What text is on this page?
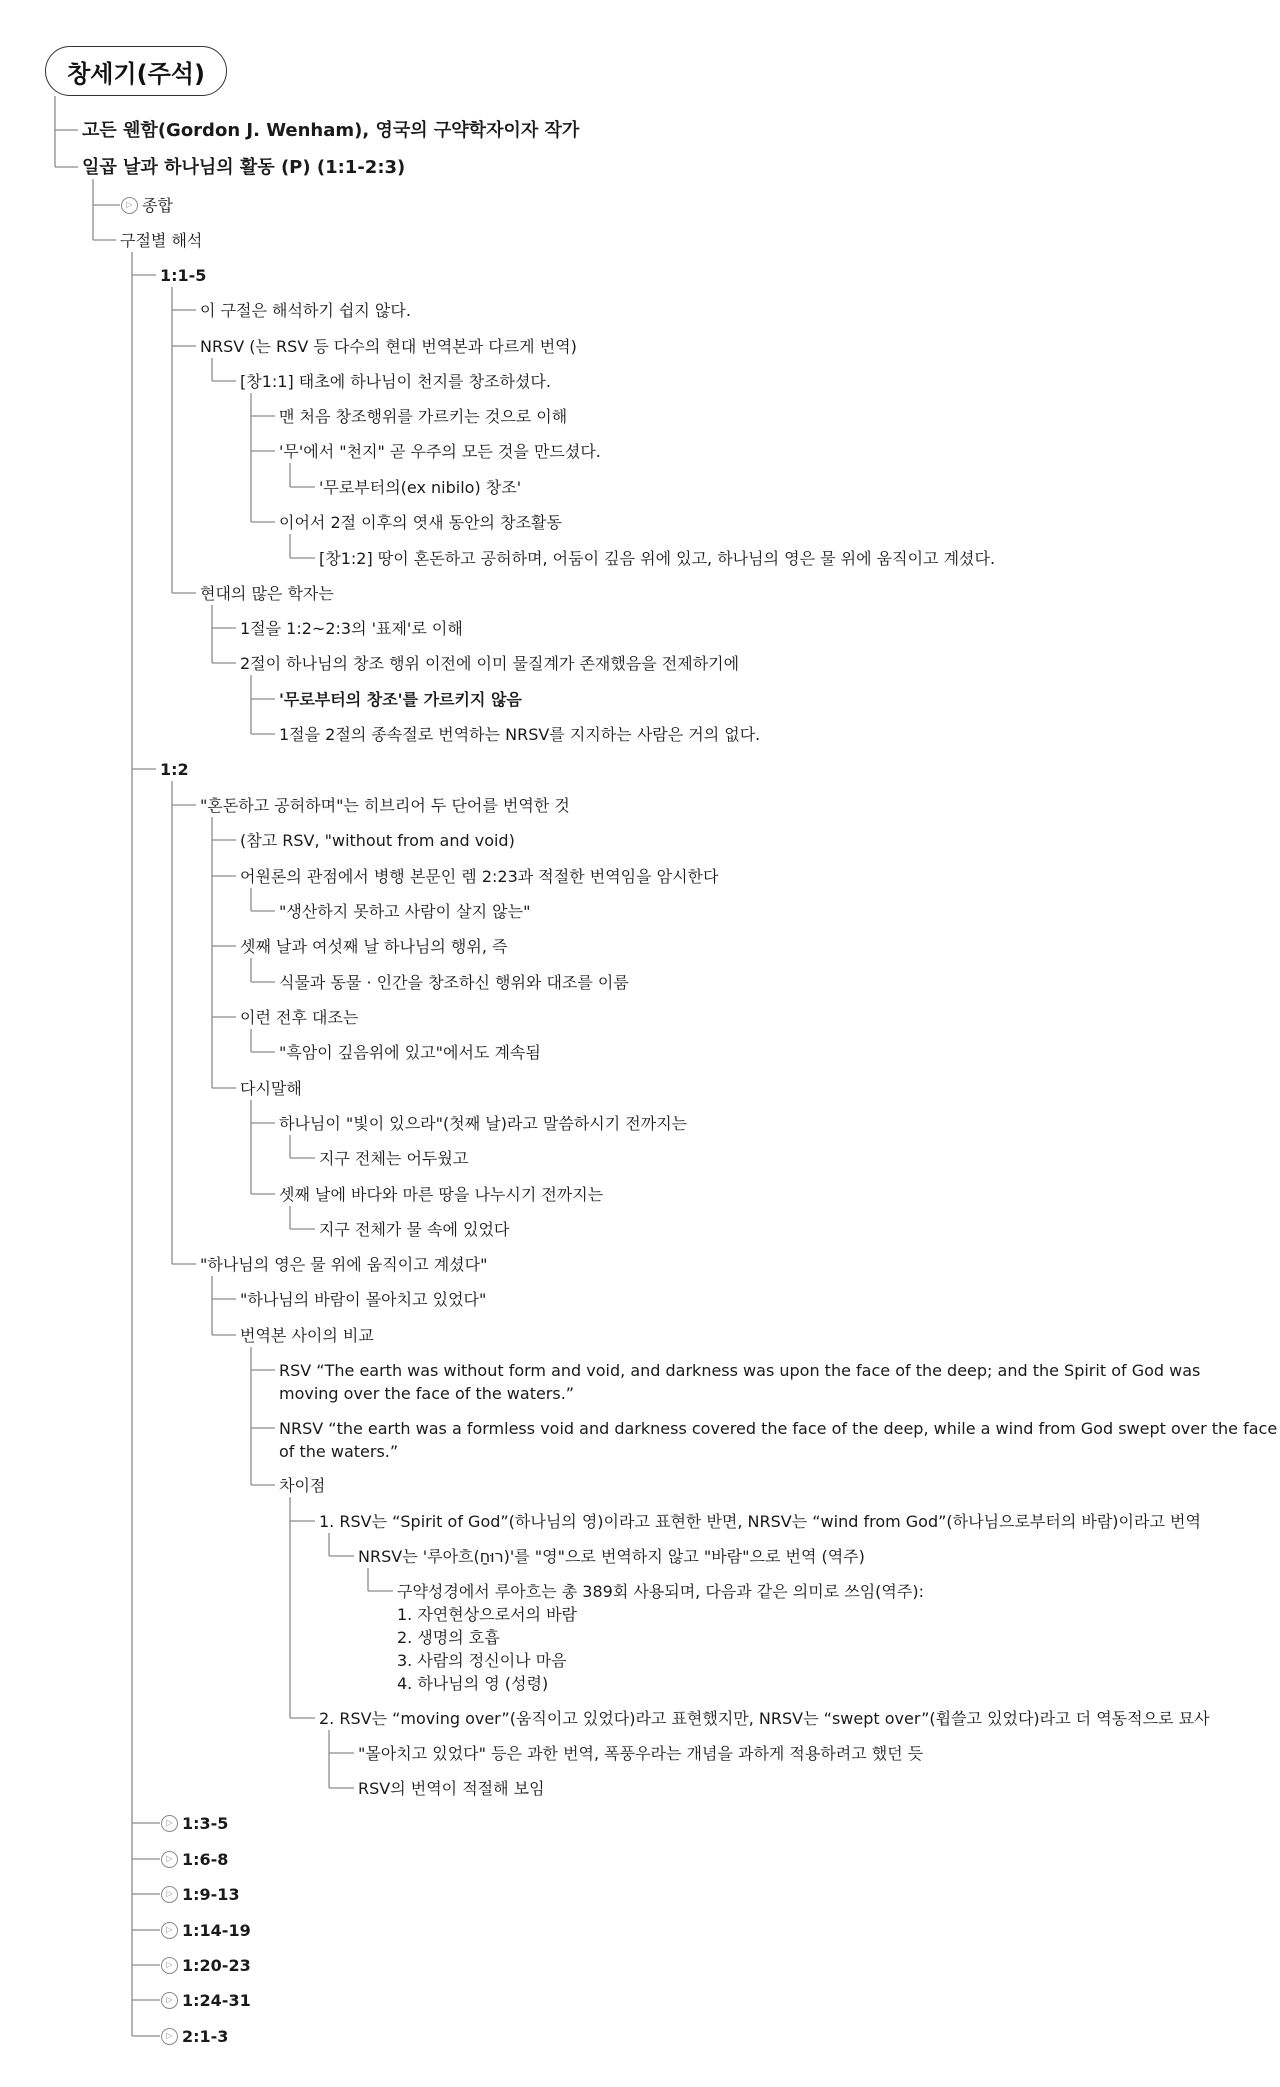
창세기(주석)
고든 웬함(Gordon J. Wenham), 영국의 구약학자이자 작가
일곱 날과 하나님의 활동 (P) (1:1-2:3)
종합
▷
구절별 해석
1:1-5
이 구절은 해석하기 쉽지 않다.
NRSV (는 RSV 등 다수의 현대 번역본과 다르게 번역)
[창1:1] 태초에 하나님이 천지를 창조하셨다.
맨 처음 창조행위를 가르키는 것으로 이해
'무'에서 "천지" 곧 우주의 모든 것을 만드셨다.
'무로부터의(ex nibilo) 창조'
이어서 2절 이후의 엿새 동안의 창조활동
[창1:2] 땅이 혼돈하고 공허하며, 어둠이 깊음 위에 있고, 하나님의 영은 물 위에 움직이고 계셨다.
현대의 많은 학자는
1절을 1:2~2:3의 '표제'로 이해
2절이 하나님의 창조 행위 이전에 이미 물질계가 존재했음을 전제하기에
'무로부터의 창조'를 가르키지 않음
1절을 2절의 종속절로 번역하는 NRSV를 지지하는 사람은 거의 없다.
1:2
"혼돈하고 공허하며"는 히브리어 두 단어를 번역한 것
(참고 RSV, "without from and void)
어원론의 관점에서 병행 본문인 렘 2:23과 적절한 번역임을 암시한다
"생산하지 못하고 사람이 살지 않는"
셋째 날과 여섯째 날 하나님의 행위, 즉
식물과 동물 · 인간을 창조하신 행위와 대조를 이룸
이런 전후 대조는
"흑암이 깊음위에 있고"에서도 계속됨
다시말해
하나님이 "빛이 있으라"(첫째 날)라고 말씀하시기 전까지는
지구 전체는 어두웠고
셋째 날에 바다와 마른 땅을 나누시기 전까지는
지구 전체가 물 속에 있었다
"하나님의 영은 물 위에 움직이고 계셨다"
"하나님의 바람이 몰아치고 있었다"
번역본 사이의 비교
RSV “The earth was without form and void, and darkness was upon the face of the deep; and the Spirit of God was
moving over the face of the waters.”
NRSV “the earth was a formless void and darkness covered the face of the deep, while a wind from God swept over the face
of the waters.”
차이점
1. RSV는 “Spirit of God”(하나님의 영)이라고 표현한 반면, NRSV는 “wind from God”(하나님으로부터의 바람)이라고 번역
NRSV는 '루아흐(רוּחַ)'를 "영"으로 번역하지 않고 "바람"으로 번역 (역주)
구약성경에서 루아흐는 총 389회 사용되며, 다음과 같은 의미로 쓰임(역주):
1. 자연현상으로서의 바람
2. 생명의 호흡
3. 사람의 정신이나 마음
4. 하나님의 영 (성령)
2. RSV는 “moving over”(움직이고 있었다)라고 표현했지만, NRSV는 “swept over”(휩쓸고 있었다)라고 더 역동적으로 묘사
"몰아치고 있었다" 등은 과한 번역, 폭풍우라는 개념을 과하게 적용하려고 했던 듯
RSV의 번역이 적절해 보임
1:3-5
▷
1:6-8
▷
1:9-13
▷
1:14-19
▷
1:20-23
▷
1:24-31
▷
2:1-3
▷
